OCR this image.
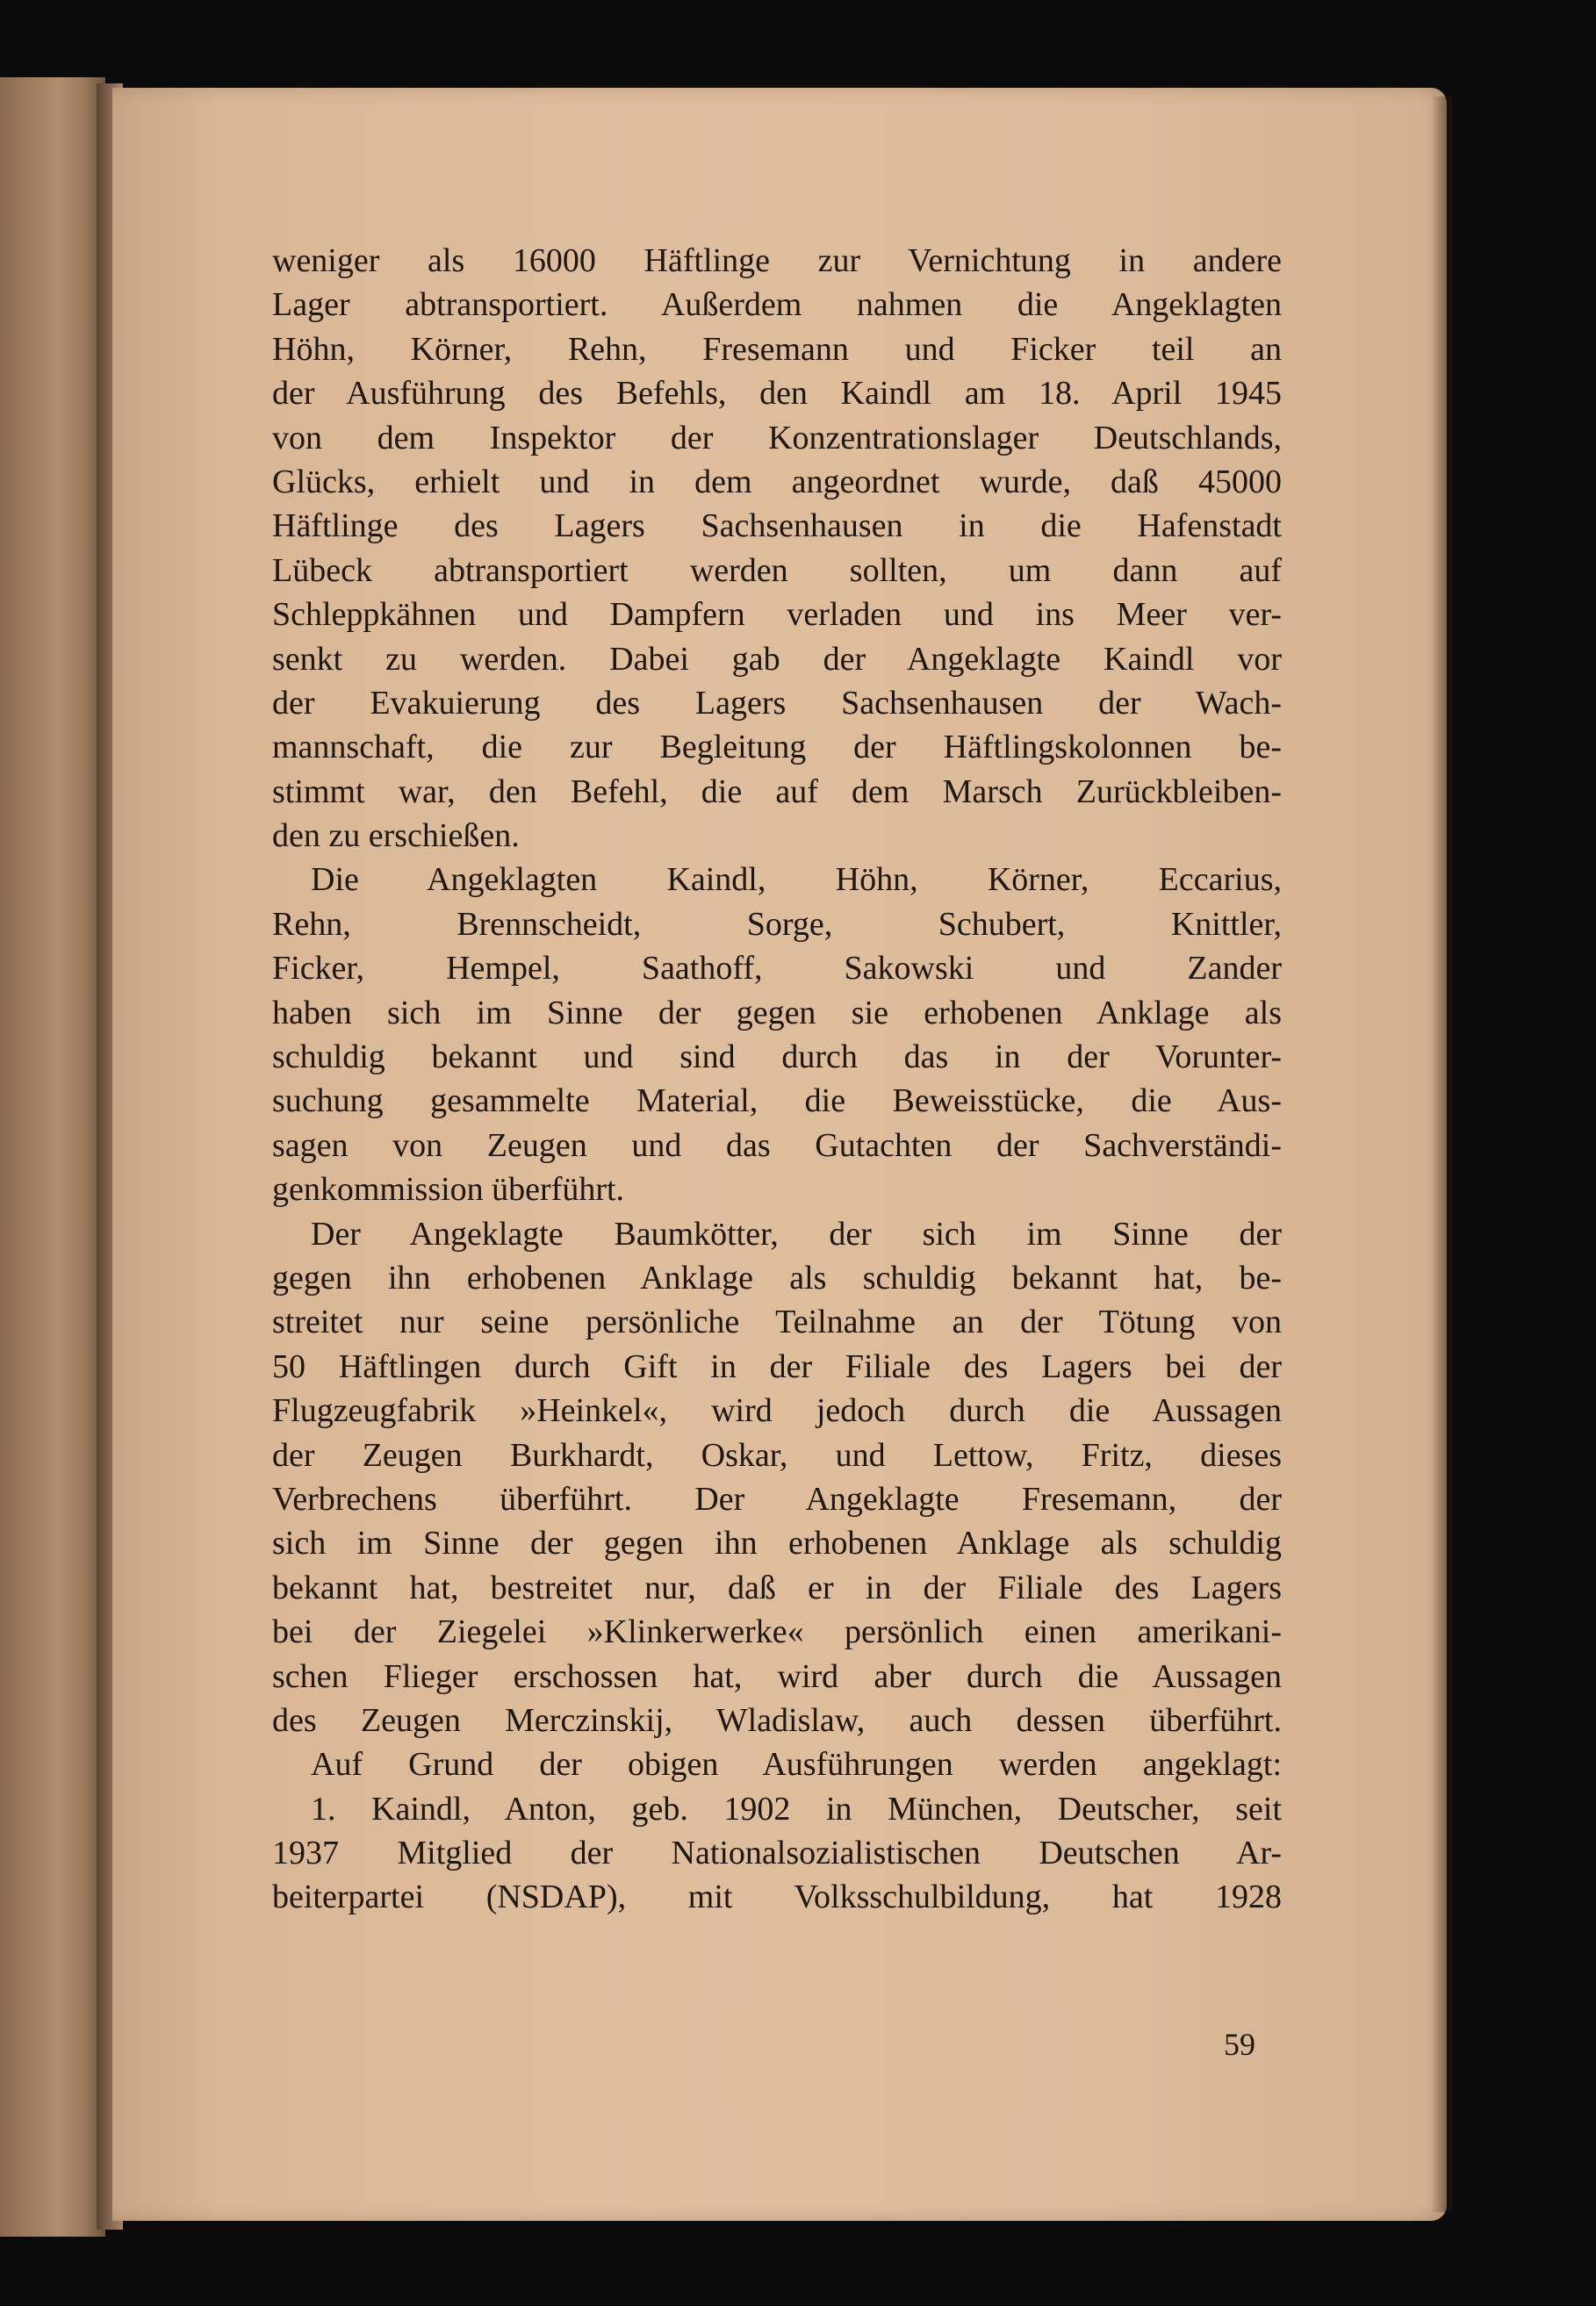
weniger als 16000 Häftlinge zur Vernichtung in andere
Lager abtransportiert. Außerdem nahmen die Angeklagten
Höhn, Körner, Rehn, Fresemann und Ficker teil an
der Ausführung des Befehls, den Kaindl am 18. April 1945
von dem Inspektor der Konzentrationslager Deutschlands,
Glücks, erhielt und in dem angeordnet wurde, daß 45000
Häftlinge des Lagers Sachsenhausen in die Hafenstadt
Lübeck abtransportiert werden sollten, um dann auf
Schleppkähnen und Dampfern verladen und ins Meer ver-
senkt zu werden. Dabei gab der Angeklagte Kaindl vor
der Evakuierung des Lagers Sachsenhausen der Wach-
mannschaft, die zur Begleitung der Häftlingskolonnen be-
stimmt war, den Befehl, die auf dem Marsch Zurückbleiben-
den zu erschießen.
Die Angeklagten Kaindl, Höhn, Körner, Eccarius,
Rehn, Brennscheidt, Sorge, Schubert, Knittler,
Ficker, Hempel, Saathoff, Sakowski und Zander
haben sich im Sinne der gegen sie erhobenen Anklage als
schuldig bekannt und sind durch das in der Vorunter-
suchung gesammelte Material, die Beweisstücke, die Aus-
sagen von Zeugen und das Gutachten der Sachverständi-
genkommission überführt.
Der Angeklagte Baumkötter, der sich im Sinne der
gegen ihn erhobenen Anklage als schuldig bekannt hat, be-
streitet nur seine persönliche Teilnahme an der Tötung von
50 Häftlingen durch Gift in der Filiale des Lagers bei der
Flugzeugfabrik »Heinkel«, wird jedoch durch die Aussagen
der Zeugen Burkhardt, Oskar, und Lettow, Fritz, dieses
Verbrechens überführt. Der Angeklagte Fresemann, der
sich im Sinne der gegen ihn erhobenen Anklage als schuldig
bekannt hat, bestreitet nur, daß er in der Filiale des Lagers
bei der Ziegelei »Klinkerwerke« persönlich einen amerikani-
schen Flieger erschossen hat, wird aber durch die Aussagen
des Zeugen Merczinskij, Wladislaw, auch dessen überführt.
Auf Grund der obigen Ausführungen werden angeklagt:
1. Kaindl, Anton, geb. 1902 in München, Deutscher, seit
1937 Mitglied der Nationalsozialistischen Deutschen Ar-
beiterpartei (NSDAP), mit Volksschulbildung, hat 1928
59
